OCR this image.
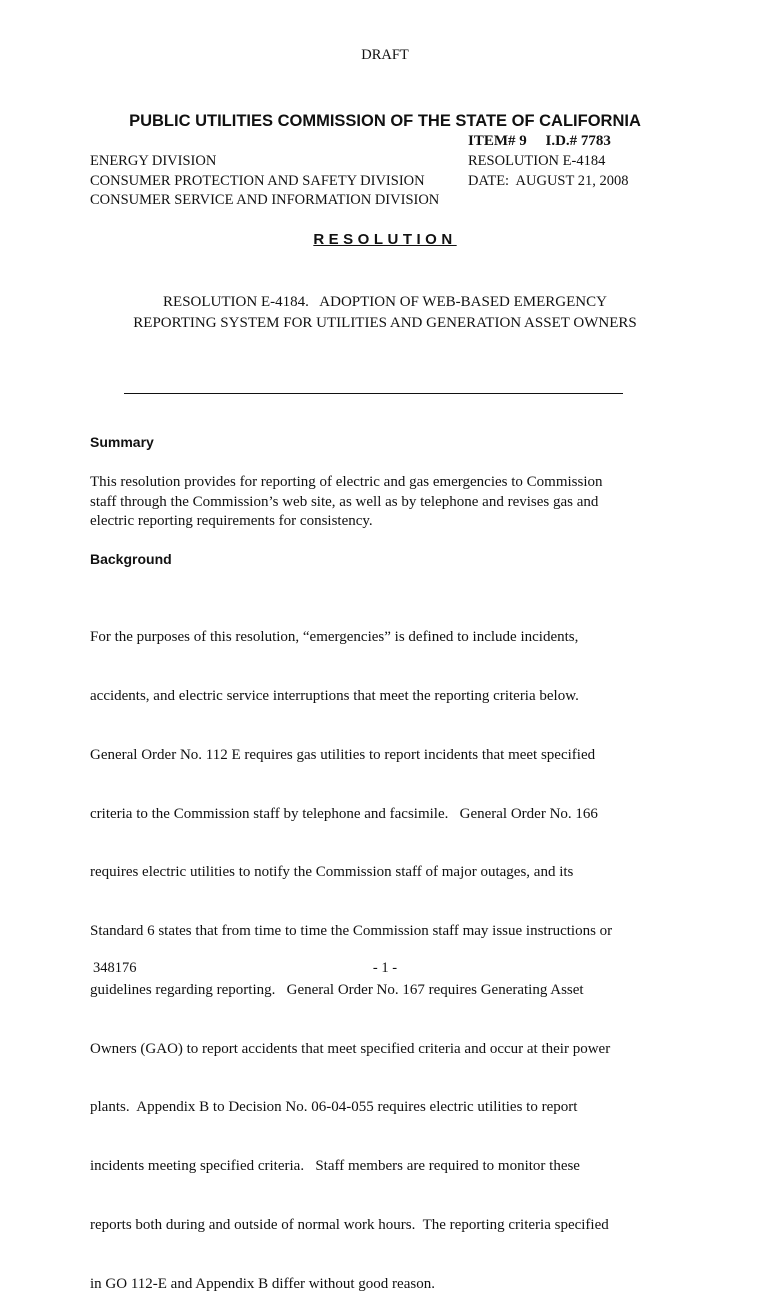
DRAFT
PUBLIC UTILITIES COMMISSION OF THE STATE OF CALIFORNIA
ITEM# 9     I.D.# 7783
ENERGY DIVISION	RESOLUTION E-4184
CONSUMER PROTECTION AND SAFETY DIVISION	DATE:  AUGUST 21, 2008
CONSUMER SERVICE AND INFORMATION DIVISION
RESOLUTION
RESOLUTION E-4184.   ADOPTION OF WEB-BASED EMERGENCY REPORTING SYSTEM FOR UTILITIES AND GENERATION ASSET OWNERS
Summary
This resolution provides for reporting of electric and gas emergencies to Commission
staff through the Commission’s web site, as well as by telephone and revises gas and
electric reporting requirements for consistency.
Background

For the purposes of this resolution, “emergencies” is defined to include incidents,

accidents, and electric service interruptions that meet the reporting criteria below.

General Order No. 112 E requires gas utilities to report incidents that meet specified

criteria to the Commission staff by telephone and facsimile.   General Order No. 166

requires electric utilities to notify the Commission staff of major outages, and its

Standard 6 states that from time to time the Commission staff may issue instructions or

guidelines regarding reporting.   General Order No. 167 requires Generating Asset

Owners (GAO) to report accidents that meet specified criteria and occur at their power

plants.  Appendix B to Decision No. 06-04-055 requires electric utilities to report

incidents meeting specified criteria.   Staff members are required to monitor these

reports both during and outside of normal work hours.  The reporting criteria specified

in GO 112-E and Appendix B differ without good reason.

348176	- 1 -
